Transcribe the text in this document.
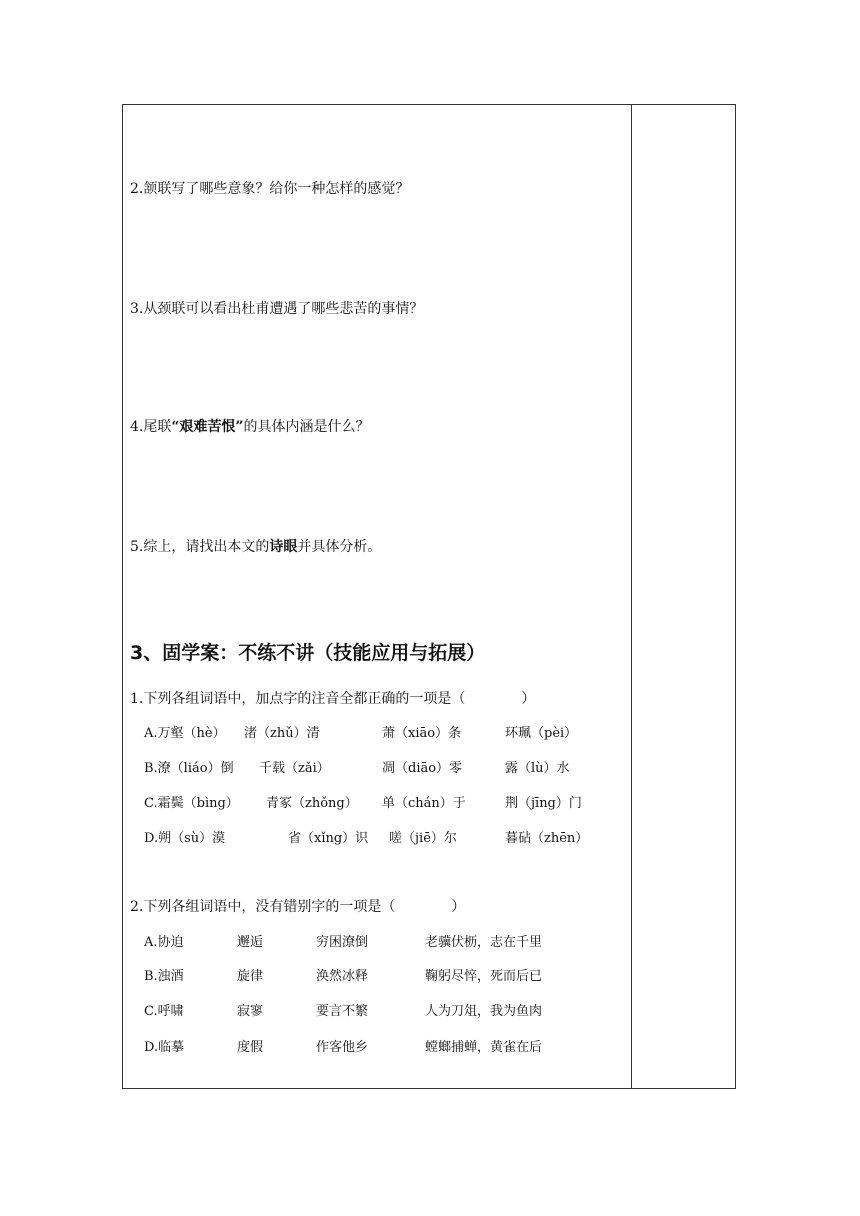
2.颔联写了哪些意象？给你一种怎样的感觉？
3.从颈联可以看出杜甫遭遇了哪些悲苦的事情？
4.尾联“艰难苦恨”的具体内涵是什么？
5.综上，请找出本文的诗眼并具体分析。
3、固学案：不练不讲（技能应用与拓展）
1.下列各组词语中，加点字的注音全都正确的一项是（　　　　）
A.万壑（hè） 渚（zhǔ）清	萧（xiāo）条	环珮（pèi）
B.潦（liáo）倒 千载（zǎi）	凋（diāo）零	露（lù）水
C.霜鬓（bìng） 青冢（zhǒng） 单（chán）于	荆（jīng）门
D.朔（sù）漠	省（xǐng）识 嗟（jiē）尔	暮砧（zhēn）
2.下列各组词语中，没有错别字的一项是（　　　　）
A.协迫	邂逅	穷困潦倒	老骥伏枥，志在千里
B.浊酒	旋律	涣然冰释	鞠躬尽悴，死而后已
C.呼啸	寂寥	要言不繁	人为刀俎，我为鱼肉
D.临摹	度假	作客他乡	螳螂捕蝉，黄雀在后
